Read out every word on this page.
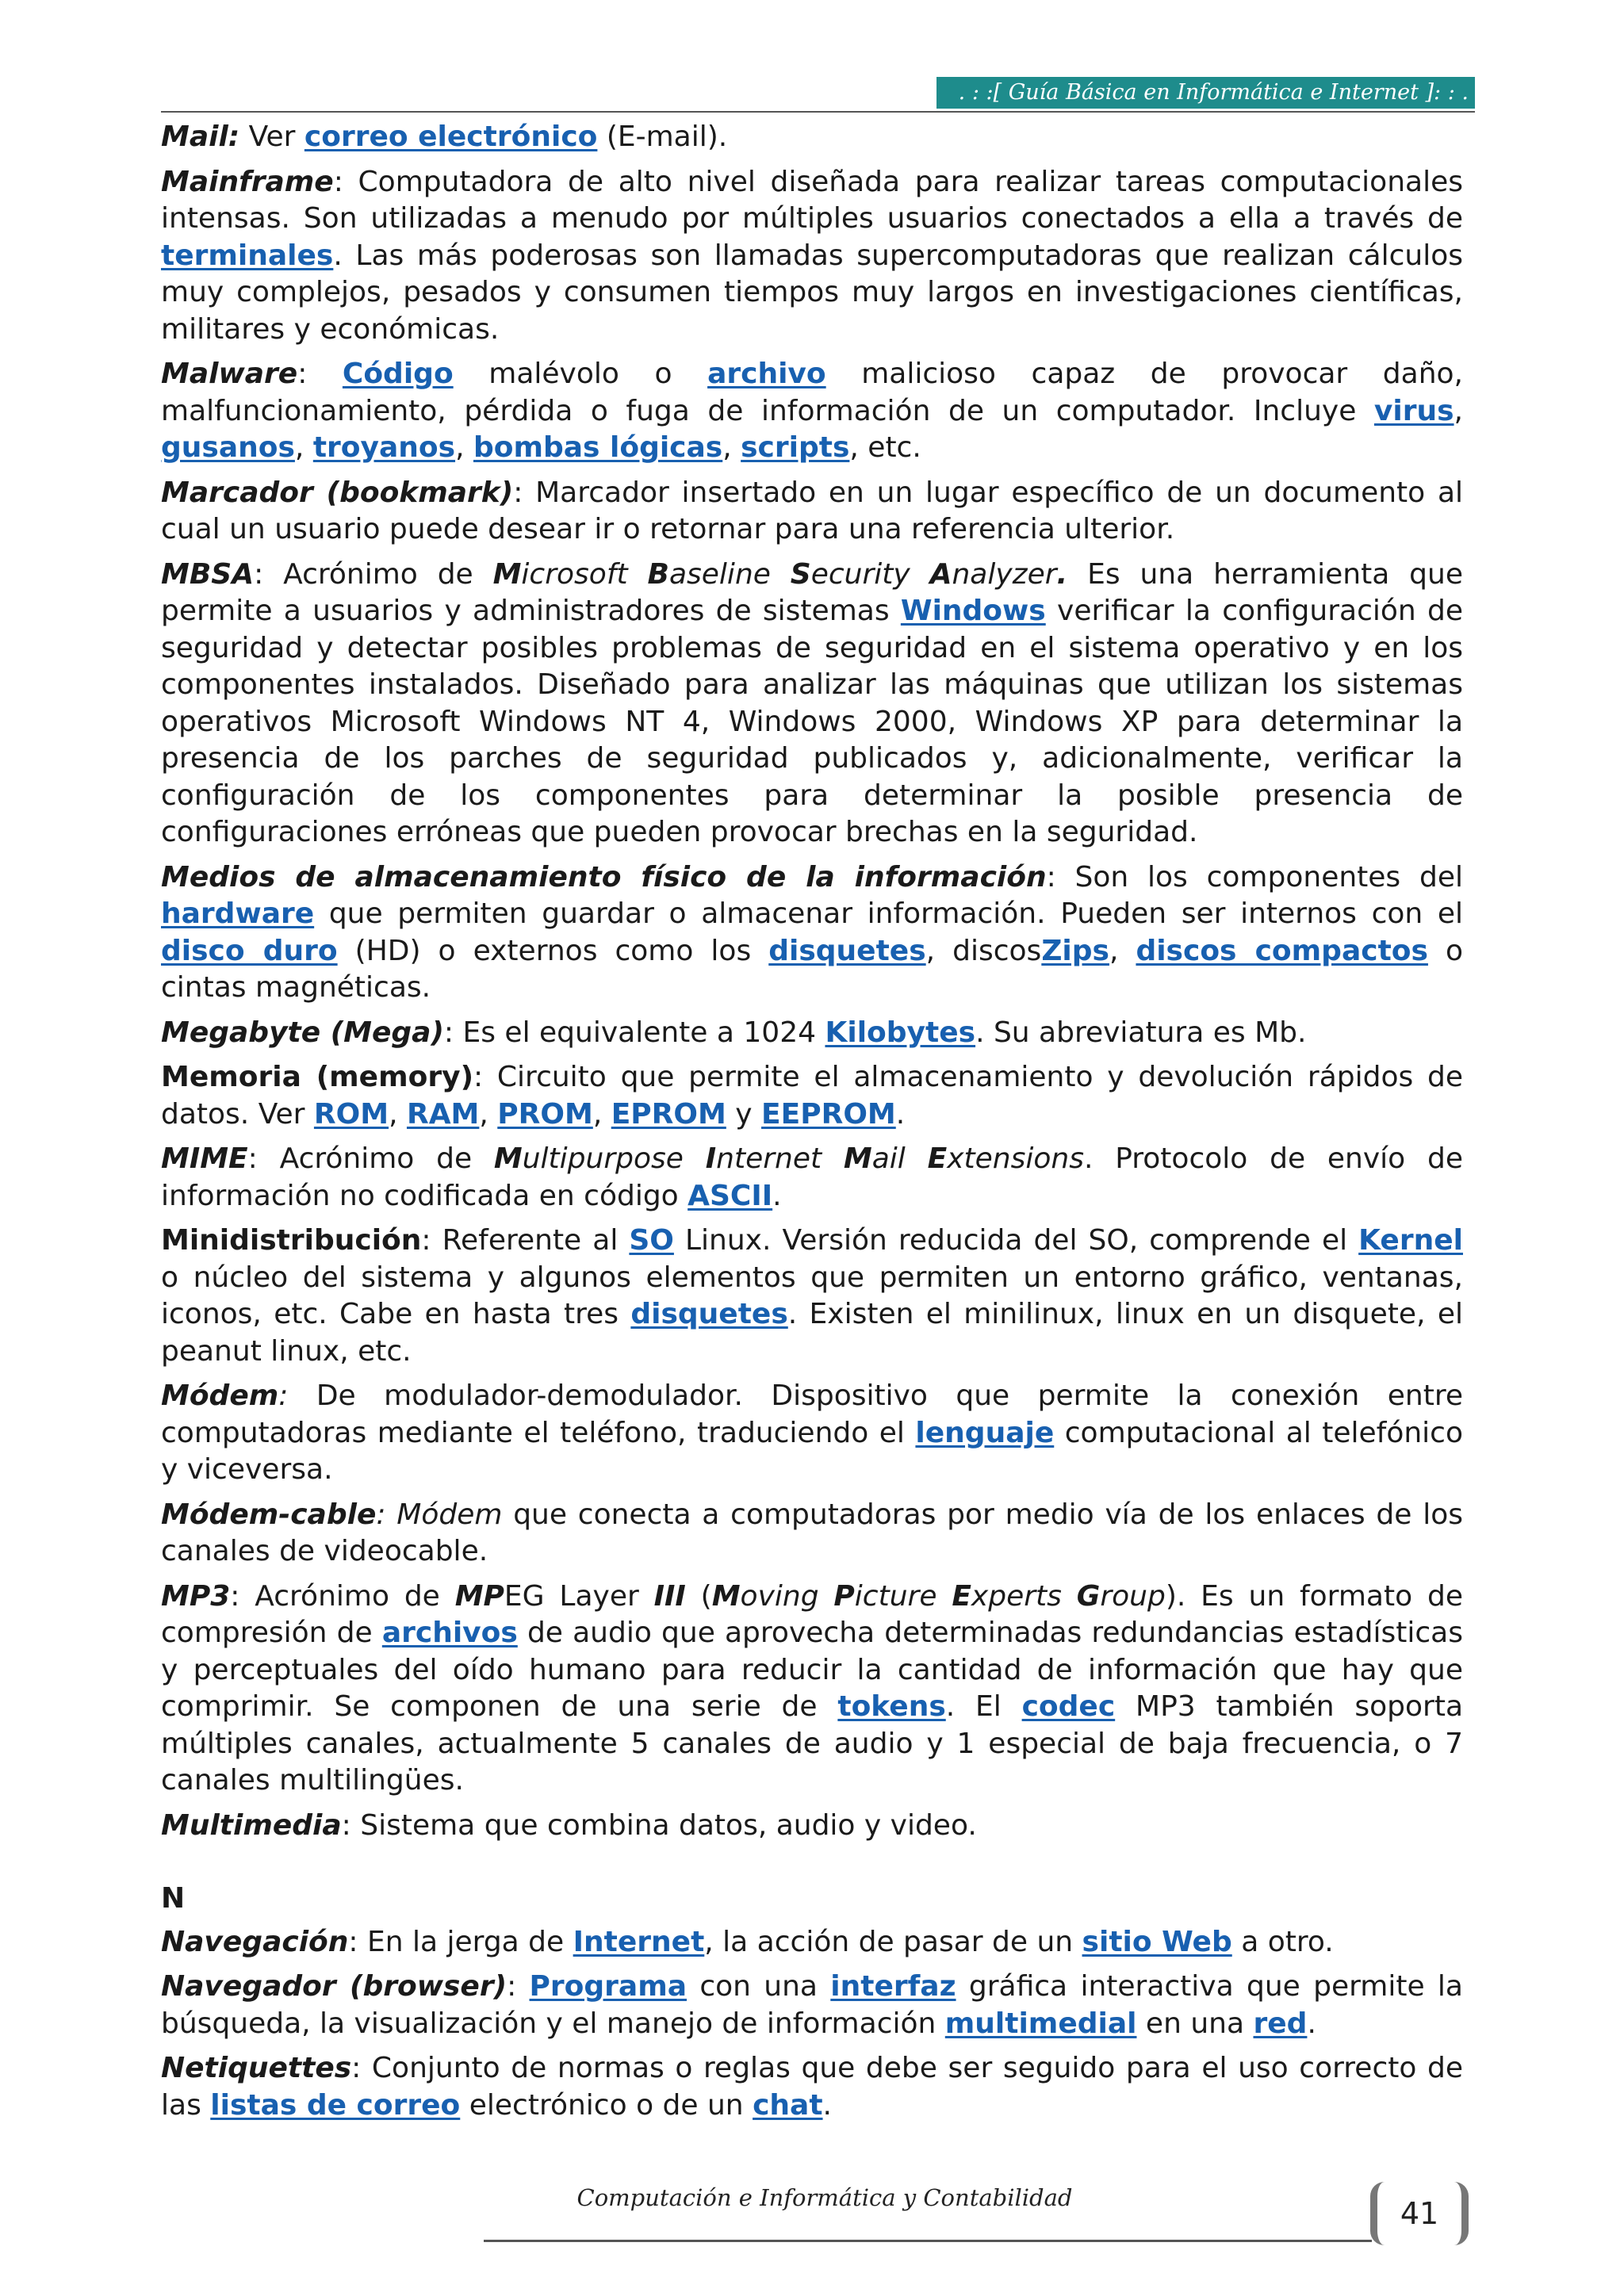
. : :[ Guía Básica en Informática e Internet ]: : .

Mail: Ver correo electrónico (E-mail).

Mainframe: Computadora de alto nivel diseñada para realizar tareas computacionales intensas. Son utilizadas a menudo por múltiples usuarios conectados a ella a través de terminales. Las más poderosas son llamadas supercomputadoras que realizan cálculos muy complejos, pesados y consumen tiempos muy largos en investigaciones científicas, militares y económicas.

Malware: Código malévolo o archivo malicioso capaz de provocar daño, malfuncionamiento, pérdida o fuga de información de un computador. Incluye virus, gusanos, troyanos, bombas lógicas, scripts, etc.

Marcador (bookmark): Marcador insertado en un lugar específico de un documento al cual un usuario puede desear ir o retornar para una referencia ulterior.

MBSA: Acrónimo de Microsoft Baseline Security Analyzer. Es una herramienta que permite a usuarios y administradores de sistemas Windows verificar la configuración de seguridad y detectar posibles problemas de seguridad en el sistema operativo y en los componentes instalados. Diseñado para analizar las máquinas que utilizan los sistemas operativos Microsoft Windows NT 4, Windows 2000, Windows XP para determinar la presencia de los parches de seguridad publicados y, adicionalmente, verificar la configuración de los componentes para determinar la posible presencia de configuraciones erróneas que pueden provocar brechas en la seguridad.

Medios de almacenamiento físico de la información: Son los componentes del hardware que permiten guardar o almacenar información. Pueden ser internos con el disco duro (HD) o externos como los disquetes, discosZips, discos compactos o cintas magnéticas.

Megabyte (Mega): Es el equivalente a 1024 Kilobytes. Su abreviatura es Mb.

Memoria (memory): Circuito que permite el almacenamiento y devolución rápidos de datos. Ver ROM, RAM, PROM, EPROM y EEPROM.

MIME: Acrónimo de Multipurpose Internet Mail Extensions. Protocolo de envío de información no codificada en código ASCII.

Minidistribución: Referente al SO Linux. Versión reducida del SO, comprende el Kernel o núcleo del sistema y algunos elementos que permiten un entorno gráfico, ventanas, iconos, etc. Cabe en hasta tres disquetes. Existen el minilinux, linux en un disquete, el peanut linux, etc.

Módem: De modulador-demodulador. Dispositivo que permite la conexión entre computadoras mediante el teléfono, traduciendo el lenguaje computacional al telefónico y viceversa.

Módem-cable: Módem que conecta a computadoras por medio vía de los enlaces de los canales de videocable.

MP3: Acrónimo de MPEG Layer III (Moving Picture Experts Group). Es un formato de compresión de archivos de audio que aprovecha determinadas redundancias estadísticas y perceptuales del oído humano para reducir la cantidad de información que hay que comprimir. Se componen de una serie de tokens. El codec MP3 también soporta múltiples canales, actualmente 5 canales de audio y 1 especial de baja frecuencia, o 7 canales multilingües.

Multimedia: Sistema que combina datos, audio y video.

N

Navegación: En la jerga de Internet, la acción de pasar de un sitio Web a otro.

Navegador (browser): Programa con una interfaz gráfica interactiva que permite la búsqueda, la visualización y el manejo de información multimedial en una red.

Netiquettes: Conjunto de normas o reglas que debe ser seguido para el uso correcto de las listas de correo electrónico o de un chat.

Computación e Informática y Contabilidad	41
